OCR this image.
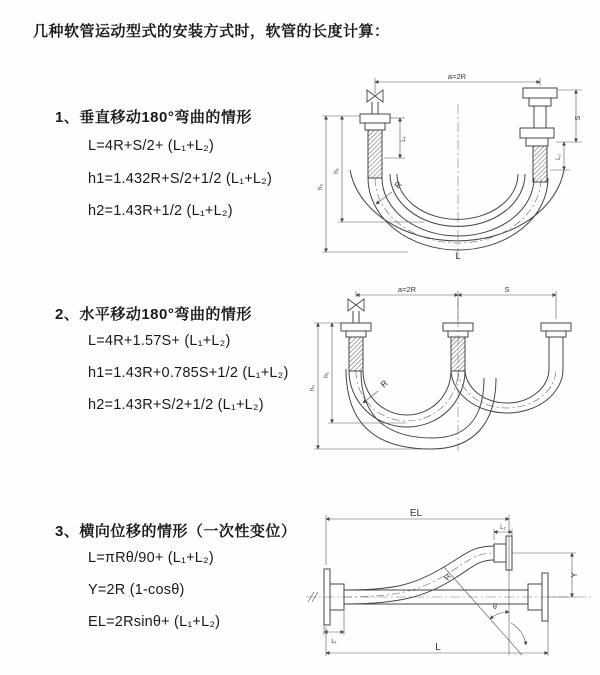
几种软管运动型式的安装方式时，软管的长度计算：
1、垂直移动180°弯曲的情形
L=4R+S/2+ (L₁+L₂)
h1=1.432R+S/2+1/2 (L₁+L₂)
h2=1.43R+1/2 (L₁+L₂)
a=2R
S
L₂
L₁
h₁
h₂	R
L
2、水平移动180°弯曲的情形
L=4R+1.57S+ (L₁+L₂)
h1=1.43R+0.785S+1/2 (L₁+L₂)
h2=1.43R+S/2+1/2 (L₁+L₂)
a=2R	S
h₁
h₂	R
3、横向位移的情形（一次性变位）
L=πRθ/90+ (L₁+L₂)
Y=2R (1-cosθ)
EL=2Rsinθ+ (L₁+L₂)
EL
L₂
Y
R
θ
L
L₁
